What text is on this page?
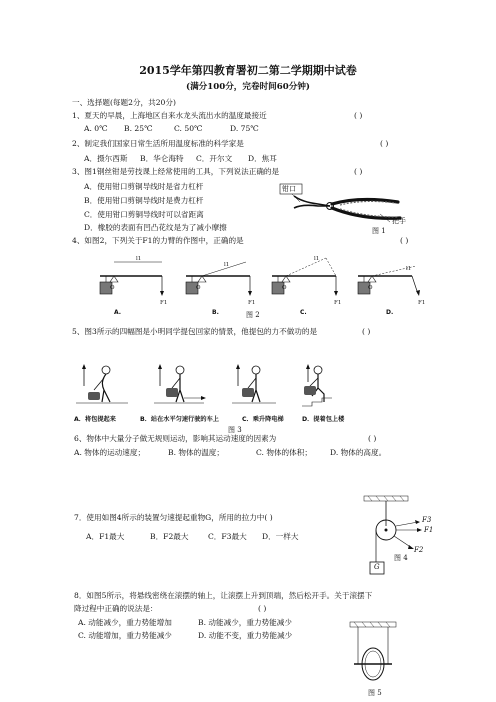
2015学年第四教育署初二第二学期期中试卷
(满分100分，完卷时间60分钟)
一、选择题(每题2分，共20分)
1、夏天的早晨，上海地区自来水龙头流出水的温度最接近	( )
A. 0℃ B. 25℃	C. 50℃	D. 75℃
2、制定我们国家日常生活所用温度标准的科学家是	( )
A．摄尔西斯 B．华仑海特 C．开尔文 D．焦耳
3、图1钢丝钳是劳技课上经常使用的工具，下列说法正确的是	( )
A．使用钳口剪铜导线时是省力杠杆
B．使用钳口剪铜导线时是费力杠杆
C．使用钳口剪铜导线时可以省距离
D．橡胶的表面有凹凸花纹是为了减小摩擦
钳口
把手
图 1
4、如图2，下列关于F1的力臂的作图中，正确的是	( )
O
l1
F1
A.
O
l1
F1
B.
O
l1
F1
C.
O
l1
F1
D.
图 2
5、图3所示的四幅图是小明同学提包回家的情景，他提包的力不做功的是	( )
A．将包提起来	B．站在水平匀速行驶的车上	C．乘升降电梯	D．提着包上楼
图 3
6、物体中大量分子做无规则运动，影响其运动速度的因素为	( )
A. 物体的运动速度；	B. 物体的温度；	C. 物体的体积； D. 物体的高度。
7．使用如图4所示的装置匀速提起重物G，所用的拉力中( )
A．F1最大	B．F2最大	C．F3最大 D．一样大
F3
F1
F2
G
图 4
8．如图5所示，将悬线密绕在滚摆的轴上，让滚摆上升到顶端，然后松开手。关于滚摆下
降过程中正确的说法是：	( )
A. 动能减少，重力势能增加	B. 动能减少，重力势能减少
C. 动能增加，重力势能减少	D. 动能不变，重力势能减少
图 5
